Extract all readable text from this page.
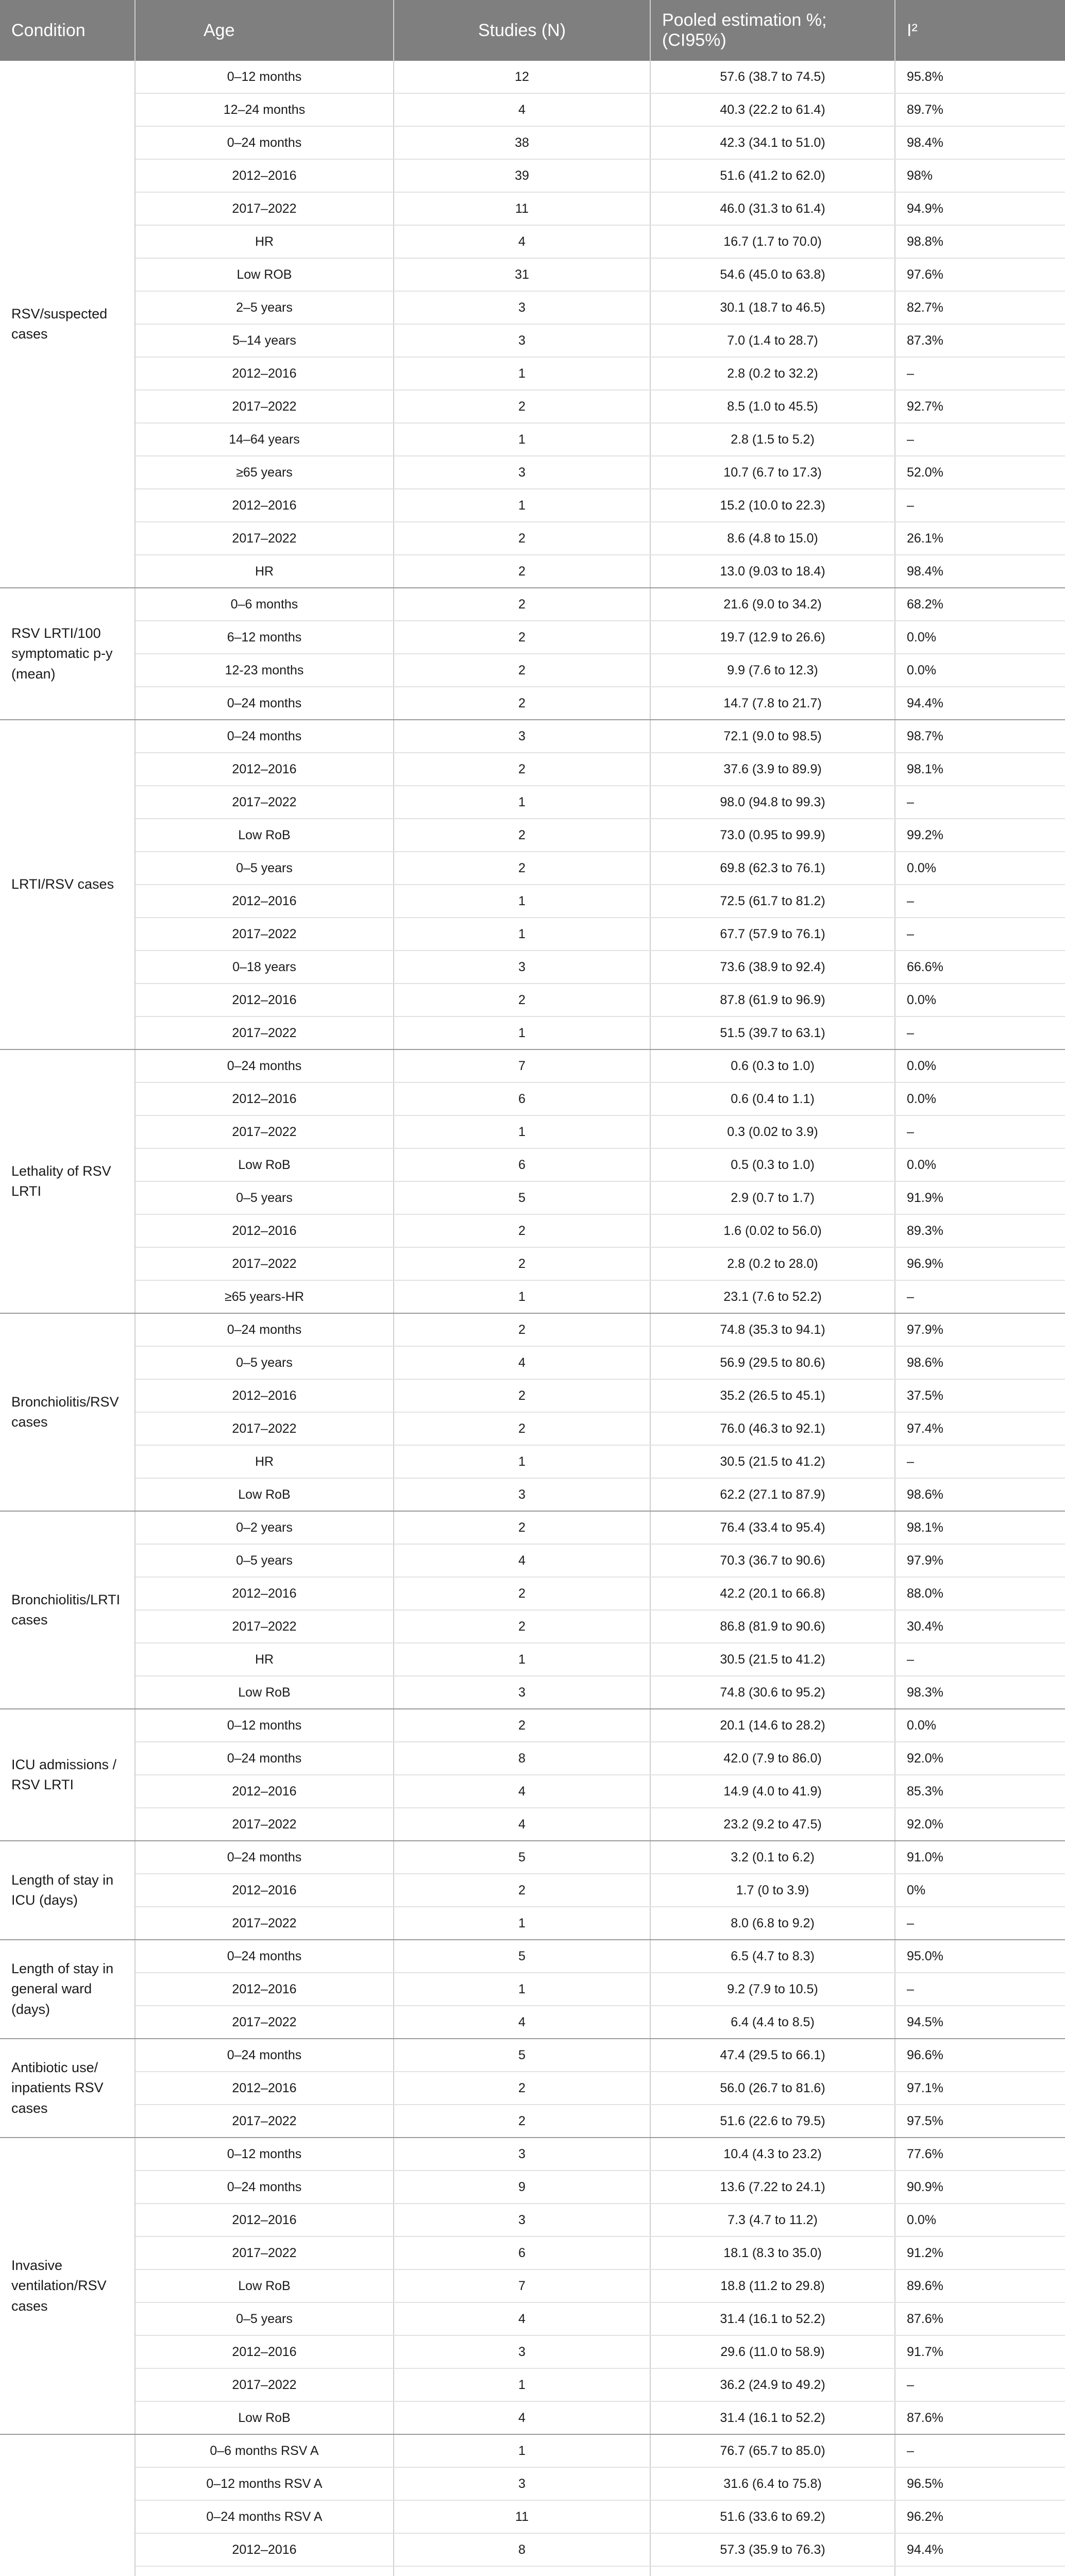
Condition	Age	Studies (N)	Pooled estimation %; (CI95%)	I²
RSV/suspected cases	0–12 months	12	57.6 (38.7 to 74.5)	95.8%
	12–24 months	4	40.3 (22.2 to 61.4)	89.7%
	0–24 months	38	42.3 (34.1 to 51.0)	98.4%
	2012–2016	39	51.6 (41.2 to 62.0)	98%
	2017–2022	11	46.0 (31.3 to 61.4)	94.9%
	HR	4	16.7 (1.7 to 70.0)	98.8%
	Low ROB	31	54.6 (45.0 to 63.8)	97.6%
	2–5 years	3	30.1 (18.7 to 46.5)	82.7%
	5–14 years	3	7.0 (1.4 to 28.7)	87.3%
	2012–2016	1	2.8 (0.2 to 32.2)	–
	2017–2022	2	8.5 (1.0 to 45.5)	92.7%
	14–64 years	1	2.8 (1.5 to 5.2)	–
	≥65 years	3	10.7 (6.7 to 17.3)	52.0%
	2012–2016	1	15.2 (10.0 to 22.3)	–
	2017–2022	2	8.6 (4.8 to 15.0)	26.1%
	HR	2	13.0 (9.03 to 18.4)	98.4%
RSV LRTI/100 symptomatic p-y (mean)	0–6 months	2	21.6 (9.0 to 34.2)	68.2%
	6–12 months	2	19.7 (12.9 to 26.6)	0.0%
	12-23 months	2	9.9 (7.6 to 12.3)	0.0%
	0–24 months	2	14.7 (7.8 to 21.7)	94.4%
LRTI/RSV cases	0–24 months	3	72.1 (9.0 to 98.5)	98.7%
	2012–2016	2	37.6 (3.9 to 89.9)	98.1%
	2017–2022	1	98.0 (94.8 to 99.3)	–
	Low RoB	2	73.0 (0.95 to 99.9)	99.2%
	0–5 years	2	69.8 (62.3 to 76.1)	0.0%
	2012–2016	1	72.5 (61.7 to 81.2)	–
	2017–2022	1	67.7 (57.9 to 76.1)	–
	0–18 years	3	73.6 (38.9 to 92.4)	66.6%
	2012–2016	2	87.8 (61.9 to 96.9)	0.0%
	2017–2022	1	51.5 (39.7 to 63.1)	–
Lethality of RSV LRTI	0–24 months	7	0.6 (0.3 to 1.0)	0.0%
	2012–2016	6	0.6 (0.4 to 1.1)	0.0%
	2017–2022	1	0.3 (0.02 to 3.9)	–
	Low RoB	6	0.5 (0.3 to 1.0)	0.0%
	0–5 years	5	2.9 (0.7 to 1.7)	91.9%
	2012–2016	2	1.6 (0.02 to 56.0)	89.3%
	2017–2022	2	2.8 (0.2 to 28.0)	96.9%
	≥65 years-HR	1	23.1 (7.6 to 52.2)	–
Bronchiolitis/RSV cases	0–24 months	2	74.8 (35.3 to 94.1)	97.9%
	0–5 years	4	56.9 (29.5 to 80.6)	98.6%
	2012–2016	2	35.2 (26.5 to 45.1)	37.5%
	2017–2022	2	76.0 (46.3 to 92.1)	97.4%
	HR	1	30.5 (21.5 to 41.2)	–
	Low RoB	3	62.2 (27.1 to 87.9)	98.6%
Bronchiolitis/LRTI cases	0–2 years	2	76.4 (33.4 to 95.4)	98.1%
	0–5 years	4	70.3 (36.7 to 90.6)	97.9%
	2012–2016	2	42.2 (20.1 to 66.8)	88.0%
	2017–2022	2	86.8 (81.9 to 90.6)	30.4%
	HR	1	30.5 (21.5 to 41.2)	–
	Low RoB	3	74.8 (30.6 to 95.2)	98.3%
ICU admissions / RSV LRTI	0–12 months	2	20.1 (14.6 to 28.2)	0.0%
	0–24 months	8	42.0 (7.9 to 86.0)	92.0%
	2012–2016	4	14.9 (4.0 to 41.9)	85.3%
	2017–2022	4	23.2 (9.2 to 47.5)	92.0%
Length of stay in ICU (days)	0–24 months	5	3.2 (0.1 to 6.2)	91.0%
	2012–2016	2	1.7 (0 to 3.9)	0%
	2017–2022	1	8.0 (6.8 to 9.2)	–
Length of stay in general ward (days)	0–24 months	5	6.5 (4.7 to 8.3)	95.0%
	2012–2016	1	9.2 (7.9 to 10.5)	–
	2017–2022	4	6.4 (4.4 to 8.5)	94.5%
Antibiotic use/ inpatients RSV cases	0–24 months	5	47.4 (29.5 to 66.1)	96.6%
	2012–2016	2	56.0 (26.7 to 81.6)	97.1%
	2017–2022	2	51.6 (22.6 to 79.5)	97.5%
Invasive ventilation/RSV cases	0–12 months	3	10.4 (4.3 to 23.2)	77.6%
	0–24 months	9	13.6 (7.22 to 24.1)	90.9%
	2012–2016	3	7.3 (4.7 to 11.2)	0.0%
	2017–2022	6	18.1 (8.3 to 35.0)	91.2%
	Low RoB	7	18.8 (11.2 to 29.8)	89.6%
	0–5 years	4	31.4 (16.1 to 52.2)	87.6%
	2012–2016	3	29.6 (11.0 to 58.9)	91.7%
	2017–2022	1	36.2 (24.9 to 49.2)	–
	Low RoB	4	31.4 (16.1 to 52.2)	87.6%
	0–6 months RSV A	1	76.7 (65.7 to 85.0)	–
	0–12 months RSV A	3	31.6 (6.4 to 75.8)	96.5%
	0–24 months RSV A	11	51.6 (33.6 to 69.2)	96.2%
	2012–2016	8	57.3 (35.9 to 76.3)	94.4%
